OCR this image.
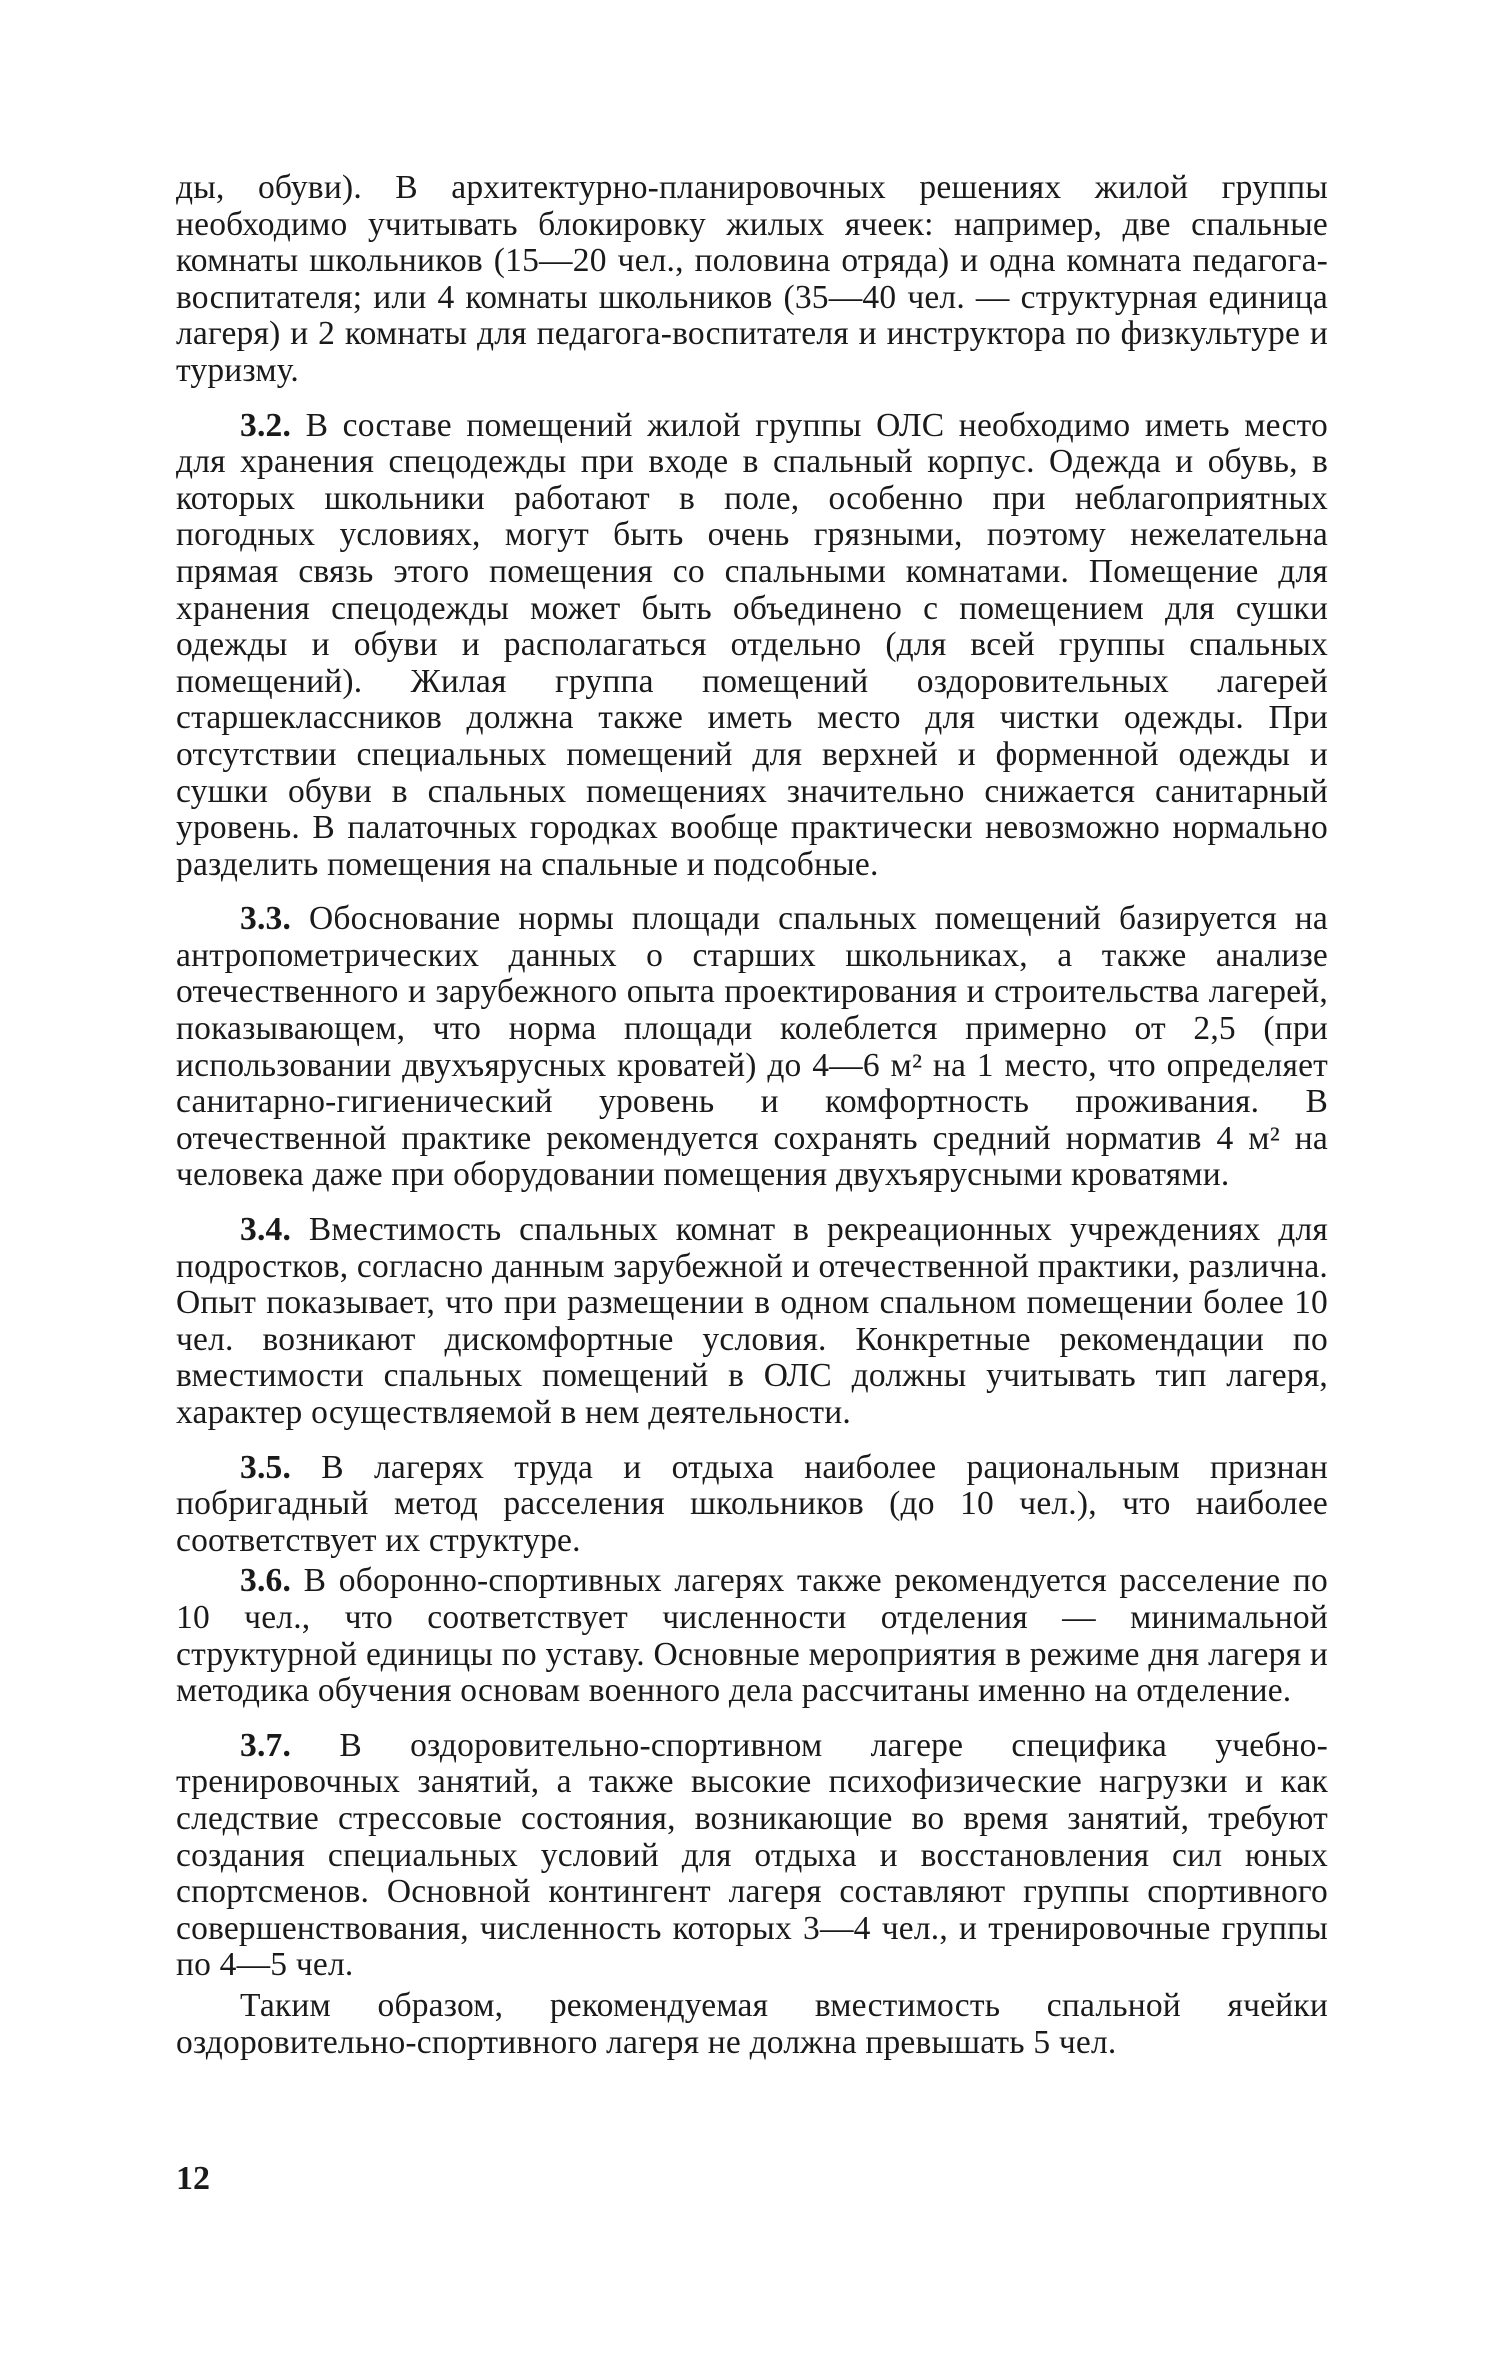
ды, обуви). В архитектурно-планировочных решениях жилой группы необходимо учитывать блокировку жилых ячеек: например, две спальные комнаты школьников (15—20 чел., половина отряда) и одна комната педагога-воспитателя; или 4 комнаты школьников (35—40 чел. — структурная единица лагеря) и 2 комнаты для педагога-воспитателя и инструктора по физкультуре и туризму.

3.2. В составе помещений жилой группы ОЛС необходимо иметь место для хранения спецодежды при входе в спальный корпус. Одежда и обувь, в которых школьники работают в поле, особенно при неблагоприятных погодных условиях, могут быть очень грязными, поэтому нежелательна прямая связь этого помещения со спальными комнатами. Помещение для хранения спецодежды может быть объединено с помещением для сушки одежды и обуви и располагаться отдельно (для всей группы спальных помещений). Жилая группа помещений оздоровительных лагерей старшеклассников должна также иметь место для чистки одежды. При отсутствии специальных помещений для верхней и форменной одежды и сушки обуви в спальных помещениях значительно снижается санитарный уровень. В палаточных городках вообще практически невозможно нормально разделить помещения на спальные и подсобные.

3.3. Обоснование нормы площади спальных помещений базируется на антропометрических данных о старших школьниках, а также анализе отечественного и зарубежного опыта проектирования и строительства лагерей, показывающем, что норма площади колеблется примерно от 2,5 (при использовании двухъярусных кроватей) до 4—6 м² на 1 место, что определяет санитарно-гигиенический уровень и комфортность проживания. В отечественной практике рекомендуется сохранять средний норматив 4 м² на человека даже при оборудовании помещения двухъярусными кроватями.

3.4. Вместимость спальных комнат в рекреационных учреждениях для подростков, согласно данным зарубежной и отечественной практики, различна. Опыт показывает, что при размещении в одном спальном помещении более 10 чел. возникают дискомфортные условия. Конкретные рекомендации по вместимости спальных помещений в ОЛС должны учитывать тип лагеря, характер осуществляемой в нем деятельности.

3.5. В лагерях труда и отдыха наиболее рациональным признан побригадный метод расселения школьников (до 10 чел.), что наиболее соответствует их структуре.

3.6. В оборонно-спортивных лагерях также рекомендуется расселение по 10 чел., что соответствует численности отделения — минимальной структурной единицы по уставу. Основные мероприятия в режиме дня лагеря и методика обучения основам военного дела рассчитаны именно на отделение.

3.7. В оздоровительно-спортивном лагере специфика учебно-тренировочных занятий, а также высокие психофизические нагрузки и как следствие стрессовые состояния, возникающие во время занятий, требуют создания специальных условий для отдыха и восстановления сил юных спортсменов. Основной контингент лагеря составляют группы спортивного совершенствования, численность которых 3—4 чел., и тренировочные группы по 4—5 чел.

Таким образом, рекомендуемая вместимость спальной ячейки оздоровительно-спортивного лагеря не должна превышать 5 чел.

12
